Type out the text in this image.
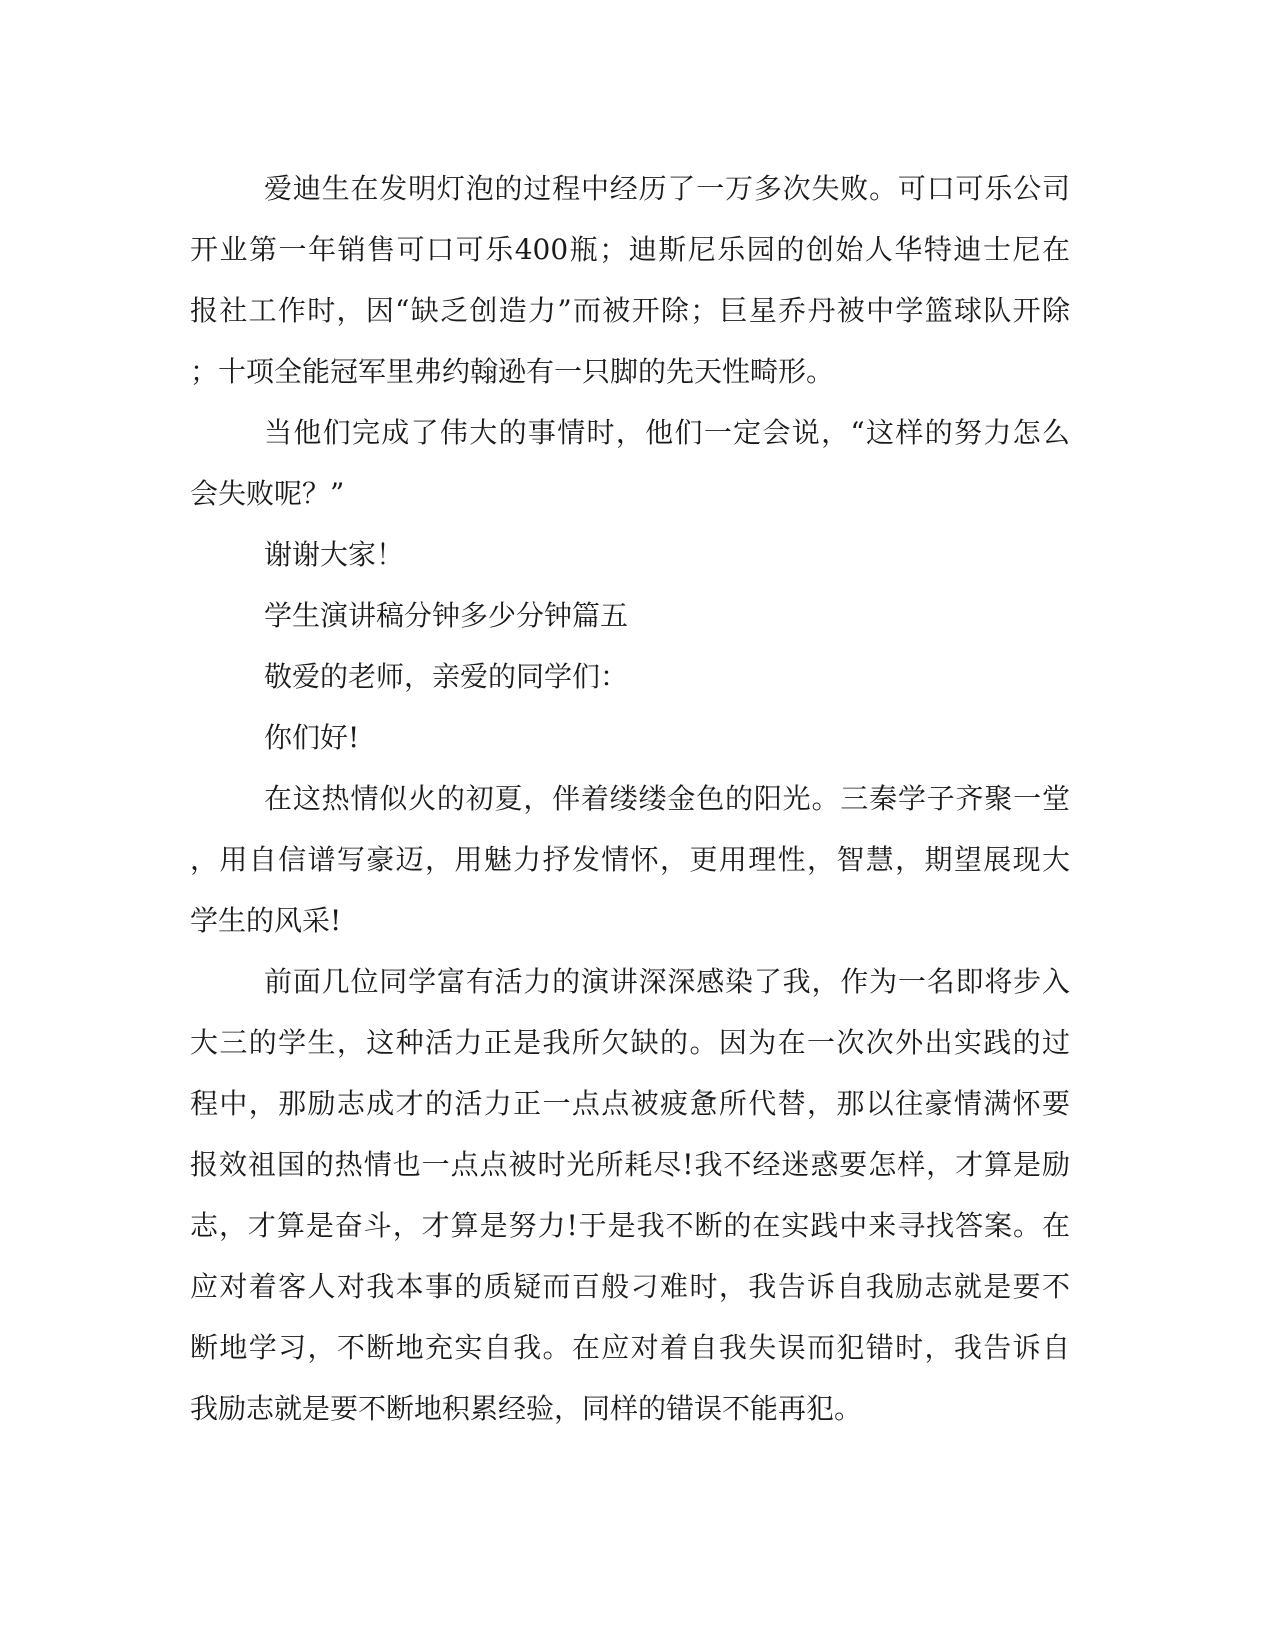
爱迪生在发明灯泡的过程中经历了一万多次失败。可口可乐公司
开业第一年销售可口可乐400瓶；迪斯尼乐园的创始人华特迪士尼在
报社工作时，因“缺乏创造力”而被开除；巨星乔丹被中学篮球队开除
；十项全能冠军里弗约翰逊有一只脚的先天性畸形。
当他们完成了伟大的事情时，他们一定会说，“这样的努力怎么
会失败呢？”
谢谢大家！
学生演讲稿分钟多少分钟篇五
敬爱的老师，亲爱的同学们：
你们好!
在这热情似火的初夏，伴着缕缕金色的阳光。三秦学子齐聚一堂
，用自信谱写豪迈，用魅力抒发情怀，更用理性，智慧，期望展现大
学生的风采!
前面几位同学富有活力的演讲深深感染了我，作为一名即将步入
大三的学生，这种活力正是我所欠缺的。因为在一次次外出实践的过
程中，那励志成才的活力正一点点被疲惫所代替，那以往豪情满怀要
报效祖国的热情也一点点被时光所耗尽!我不经迷惑要怎样，才算是励
志，才算是奋斗，才算是努力!于是我不断的在实践中来寻找答案。在
应对着客人对我本事的质疑而百般刁难时，我告诉自我励志就是要不
断地学习，不断地充实自我。在应对着自我失误而犯错时，我告诉自
我励志就是要不断地积累经验，同样的错误不能再犯。
